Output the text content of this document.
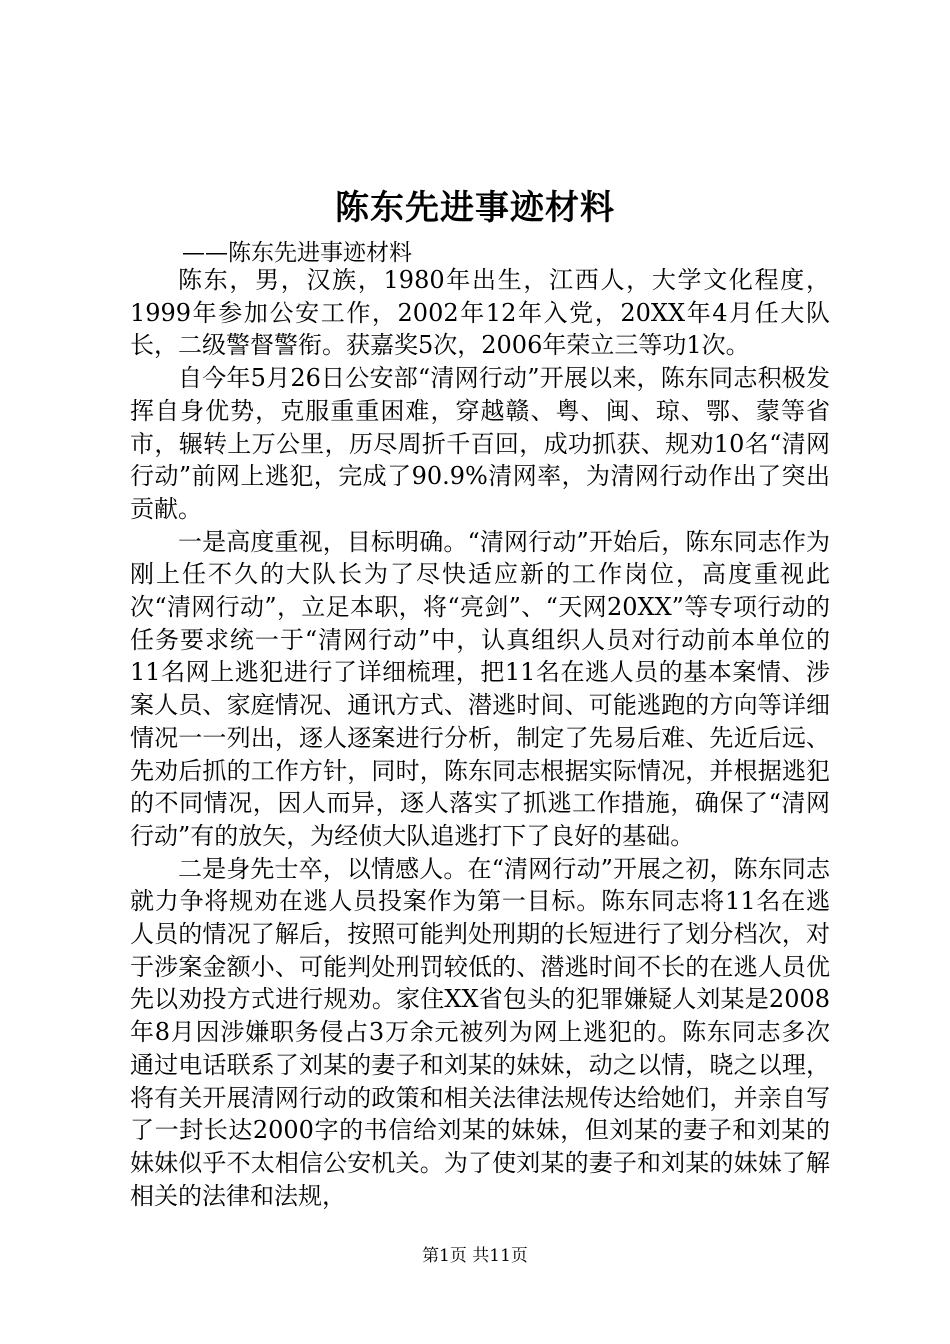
陈东先进事迹材料
——陈东先进事迹材料

陈东，男，汉族，1980年出生，江西人，大学文化程度，1999年参加公安工作，2002年12年入党，20XX年4月任大队长，二级警督警衔。获嘉奖5次，2006年荣立三等功1次。

自今年5月26日公安部“清网行动”开展以来，陈东同志积极发挥自身优势，克服重重困难，穿越赣、粤、闽、琼、鄂、蒙等省市，辗转上万公里，历尽周折千百回，成功抓获、规劝10名“清网行动”前网上逃犯，完成了90.9%清网率，为清网行动作出了突出贡献。

一是高度重视，目标明确。“清网行动”开始后，陈东同志作为刚上任不久的大队长为了尽快适应新的工作岗位，高度重视此次“清网行动”，立足本职，将“亮剑”、“天网20XX”等专项行动的任务要求统一于“清网行动”中，认真组织人员对行动前本单位的11名网上逃犯进行了详细梳理，把11名在逃人员的基本案情、涉案人员、家庭情况、通讯方式、潜逃时间、可能逃跑的方向等详细情况一一列出，逐人逐案进行分析，制定了先易后难、先近后远、先劝后抓的工作方针，同时，陈东同志根据实际情况，并根据逃犯的不同情况，因人而异，逐人落实了抓逃工作措施，确保了“清网行动”有的放矢，为经侦大队追逃打下了良好的基础。

二是身先士卒，以情感人。在“清网行动”开展之初，陈东同志就力争将规劝在逃人员投案作为第一目标。陈东同志将11名在逃人员的情况了解后，按照可能判处刑期的长短进行了划分档次，对于涉案金额小、可能判处刑罚较低的、潜逃时间不长的在逃人员优先以劝投方式进行规劝。家住XX省包头的犯罪嫌疑人刘某是2008年8月因涉嫌职务侵占3万余元被列为网上逃犯的。陈东同志多次通过电话联系了刘某的妻子和刘某的妹妹，动之以情，晓之以理，将有关开展清网行动的政策和相关法律法规传达给她们，并亲自写了一封长达2000字的书信给刘某的妹妹，但刘某的妻子和刘某的妹妹似乎不太相信公安机关。为了使刘某的妻子和刘某的妹妹了解相关的法律和法规，

第1页 共11页
